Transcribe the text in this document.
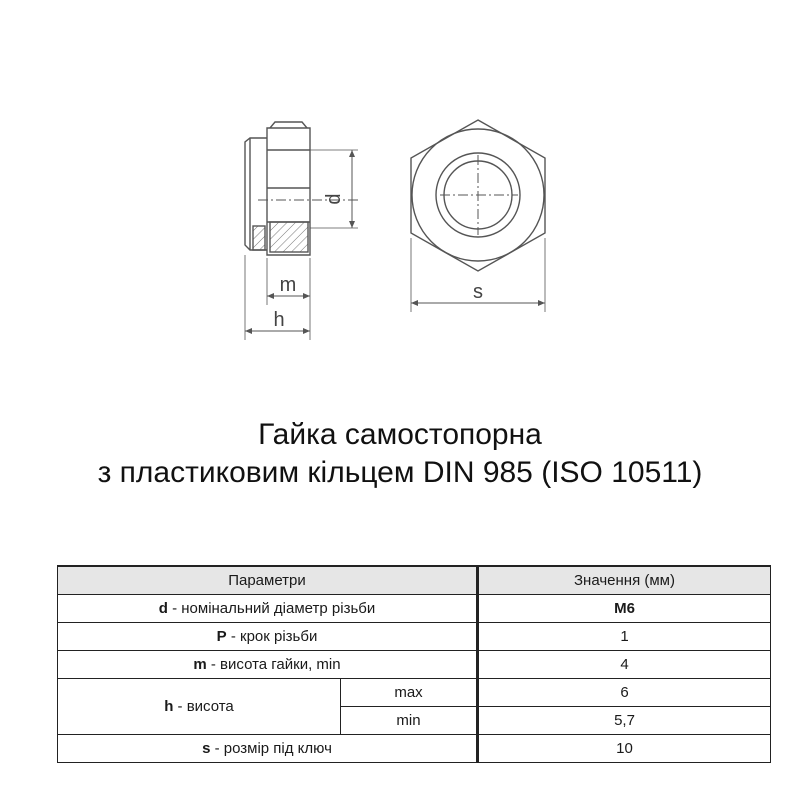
d
m
h
s
Гайка самостопорна
з пластиковим кільцем DIN 985 (ISO 10511)
Параметри		Значення (мм)
d - номінальний діаметр різьби		M6
P - крок різьби		1
m - висота гайки, min		4
h - висота	max	6
	min	5,7
s - розмір під ключ		10
